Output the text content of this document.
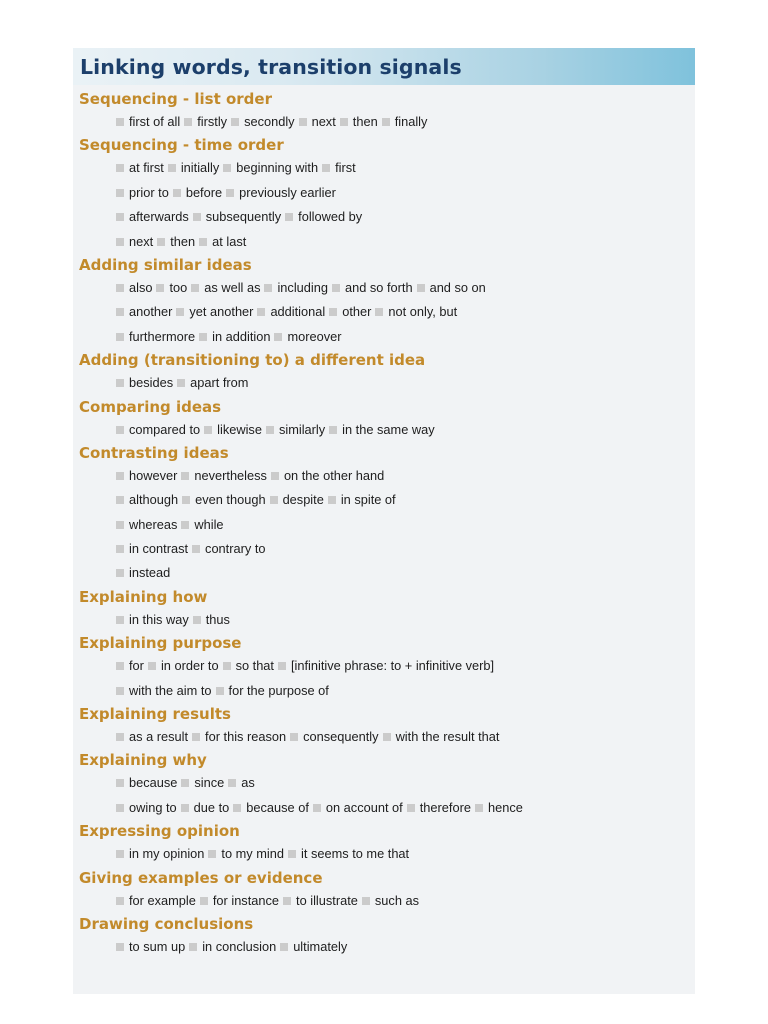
Linking words, transition signals
Sequencing - list order
first of all firstly secondly next then finally
Sequencing - time order
at first initially beginning with first
prior to before previously earlier
afterwards subsequently followed by
next then at last
Adding similar ideas
also too as well as including and so forth and so on
another yet another additional other not only, but
furthermore in addition moreover
Adding (transitioning to) a different idea
besides apart from
Comparing ideas
compared to likewise similarly in the same way
Contrasting ideas
however nevertheless on the other hand
although even though despite in spite of
whereas while
in contrast contrary to
instead
Explaining how
in this way thus
Explaining purpose
for in order to so that [infinitive phrase: to + infinitive verb]
with the aim to for the purpose of
Explaining results
as a result for this reason consequently with the result that
Explaining why
because since as
owing to due to because of on account of therefore hence
Expressing opinion
in my opinion to my mind it seems to me that
Giving examples or evidence
for example for instance to illustrate such as
Drawing conclusions
to sum up in conclusion ultimately
